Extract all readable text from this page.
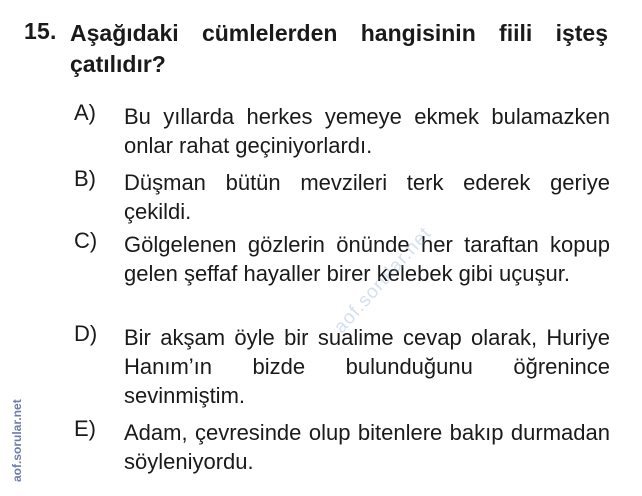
15. Aşağıdaki cümlelerden hangisinin fiili işteş çatılıdır?
A) Bu yıllarda herkes yemeye ekmek bulamazken onlar rahat geçiniyorlardı.
B) Düşman bütün mevzileri terk ederek geriye çekildi.
C) Gölgelenen gözlerin önünde her taraftan kopup gelen şeffaf hayaller birer kelebek gibi uçuşur.
D) Bir akşam öyle bir sualime cevap olarak, Huriye Hanım’ın bizde bulunduğunu öğrenince sevinmiştim.
E) Adam, çevresinde olup bitenlere bakıp durmadan söyleniyordu.
aof.sorular.net
aof.sorular.net
